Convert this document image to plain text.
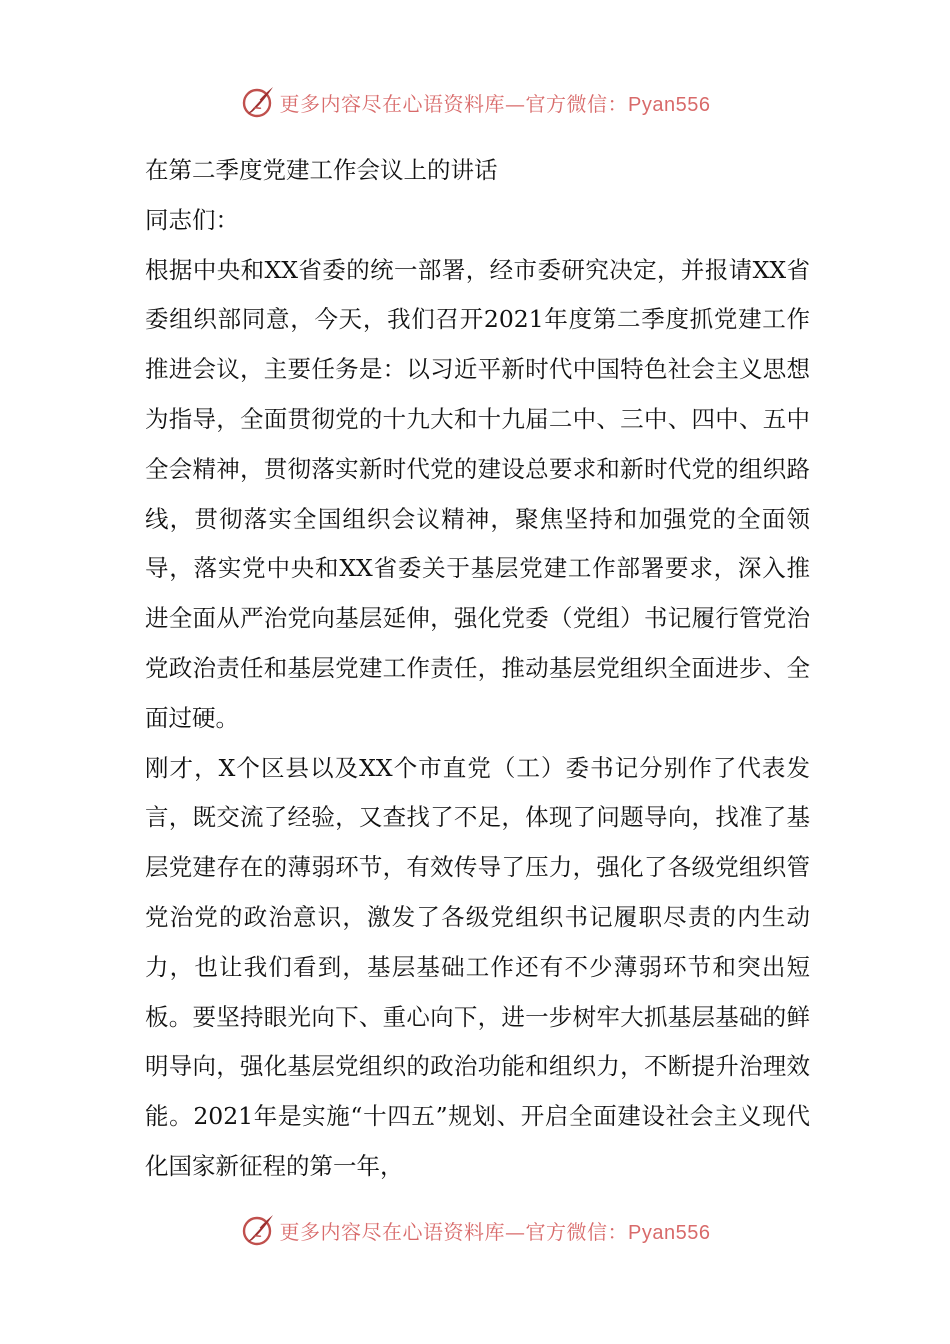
更多内容尽在心语资料库—官方微信：Pyan556

在第二季度党建工作会议上的讲话

同志们：

根据中央和XX省委的统一部署，经市委研究决定，并报请XX省委组织部同意，今天，我们召开2021年度第二季度抓党建工作推进会议，主要任务是：以习近平新时代中国特色社会主义思想为指导，全面贯彻党的十九大和十九届二中、三中、四中、五中全会精神，贯彻落实新时代党的建设总要求和新时代党的组织路线，贯彻落实全国组织会议精神，聚焦坚持和加强党的全面领导，落实党中央和XX省委关于基层党建工作部署要求，深入推进全面从严治党向基层延伸，强化党委（党组）书记履行管党治党政治责任和基层党建工作责任，推动基层党组织全面进步、全面过硬。

刚才，X个区县以及XX个市直党（工）委书记分别作了代表发言，既交流了经验，又查找了不足，体现了问题导向，找准了基层党建存在的薄弱环节，有效传导了压力，强化了各级党组织管党治党的政治意识，激发了各级党组织书记履职尽责的内生动力，也让我们看到，基层基础工作还有不少薄弱环节和突出短板。要坚持眼光向下、重心向下，进一步树牢大抓基层基础的鲜明导向，强化基层党组织的政治功能和组织力，不断提升治理效能。2021年是实施“十四五”规划、开启全面建设社会主义现代化国家新征程的第一年，

更多内容尽在心语资料库—官方微信：Pyan556
